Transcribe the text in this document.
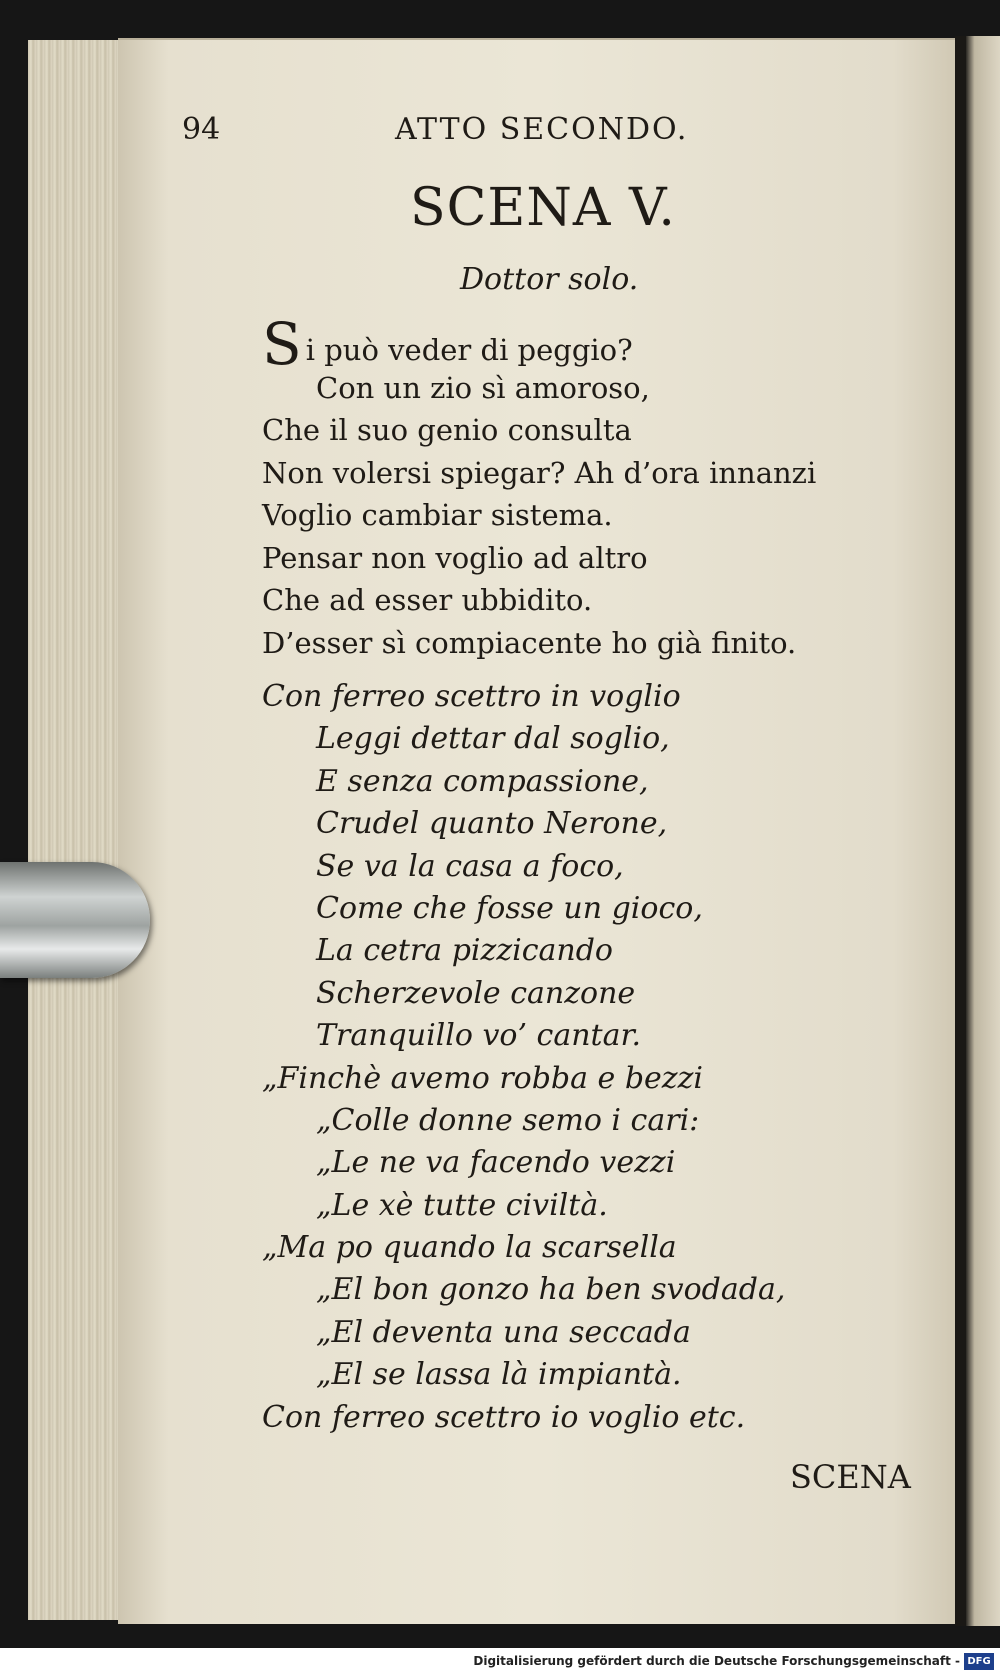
94	ATTO SECONDO.
SCENA V.
Dottor solo.
Si può veder di peggio?
Con un zio sì amoroso,
Che il suo genio consulta
Non volersi spiegar? Ah d’ora innanzi
Voglio cambiar sistema.
Pensar non voglio ad altro
Che ad esser ubbidito.
D’esser sì compiacente ho già finito.
Con ferreo scettro in voglio
Leggi dettar dal soglio,
E senza compassione,
Crudel quanto Nerone,
Se va la casa a foco,
Come che fosse un gioco,
La cetra pizzicando
Scherzevole canzone
Tranquillo vo’ cantar.
„Finchè avemo robba e bezzi
„Colle donne semo i cari:
„Le ne va facendo vezzi
„Le xè tutte civiltà.
„Ma po quando la scarsella
„El bon gonzo ha ben svodada,
„El deventa una seccada
„El se lassa là impiantà.
Con ferreo scettro io voglio etc.
SCENA
Digitalisierung gefördert durch die Deutsche Forschungsgemeinschaft - DFG
